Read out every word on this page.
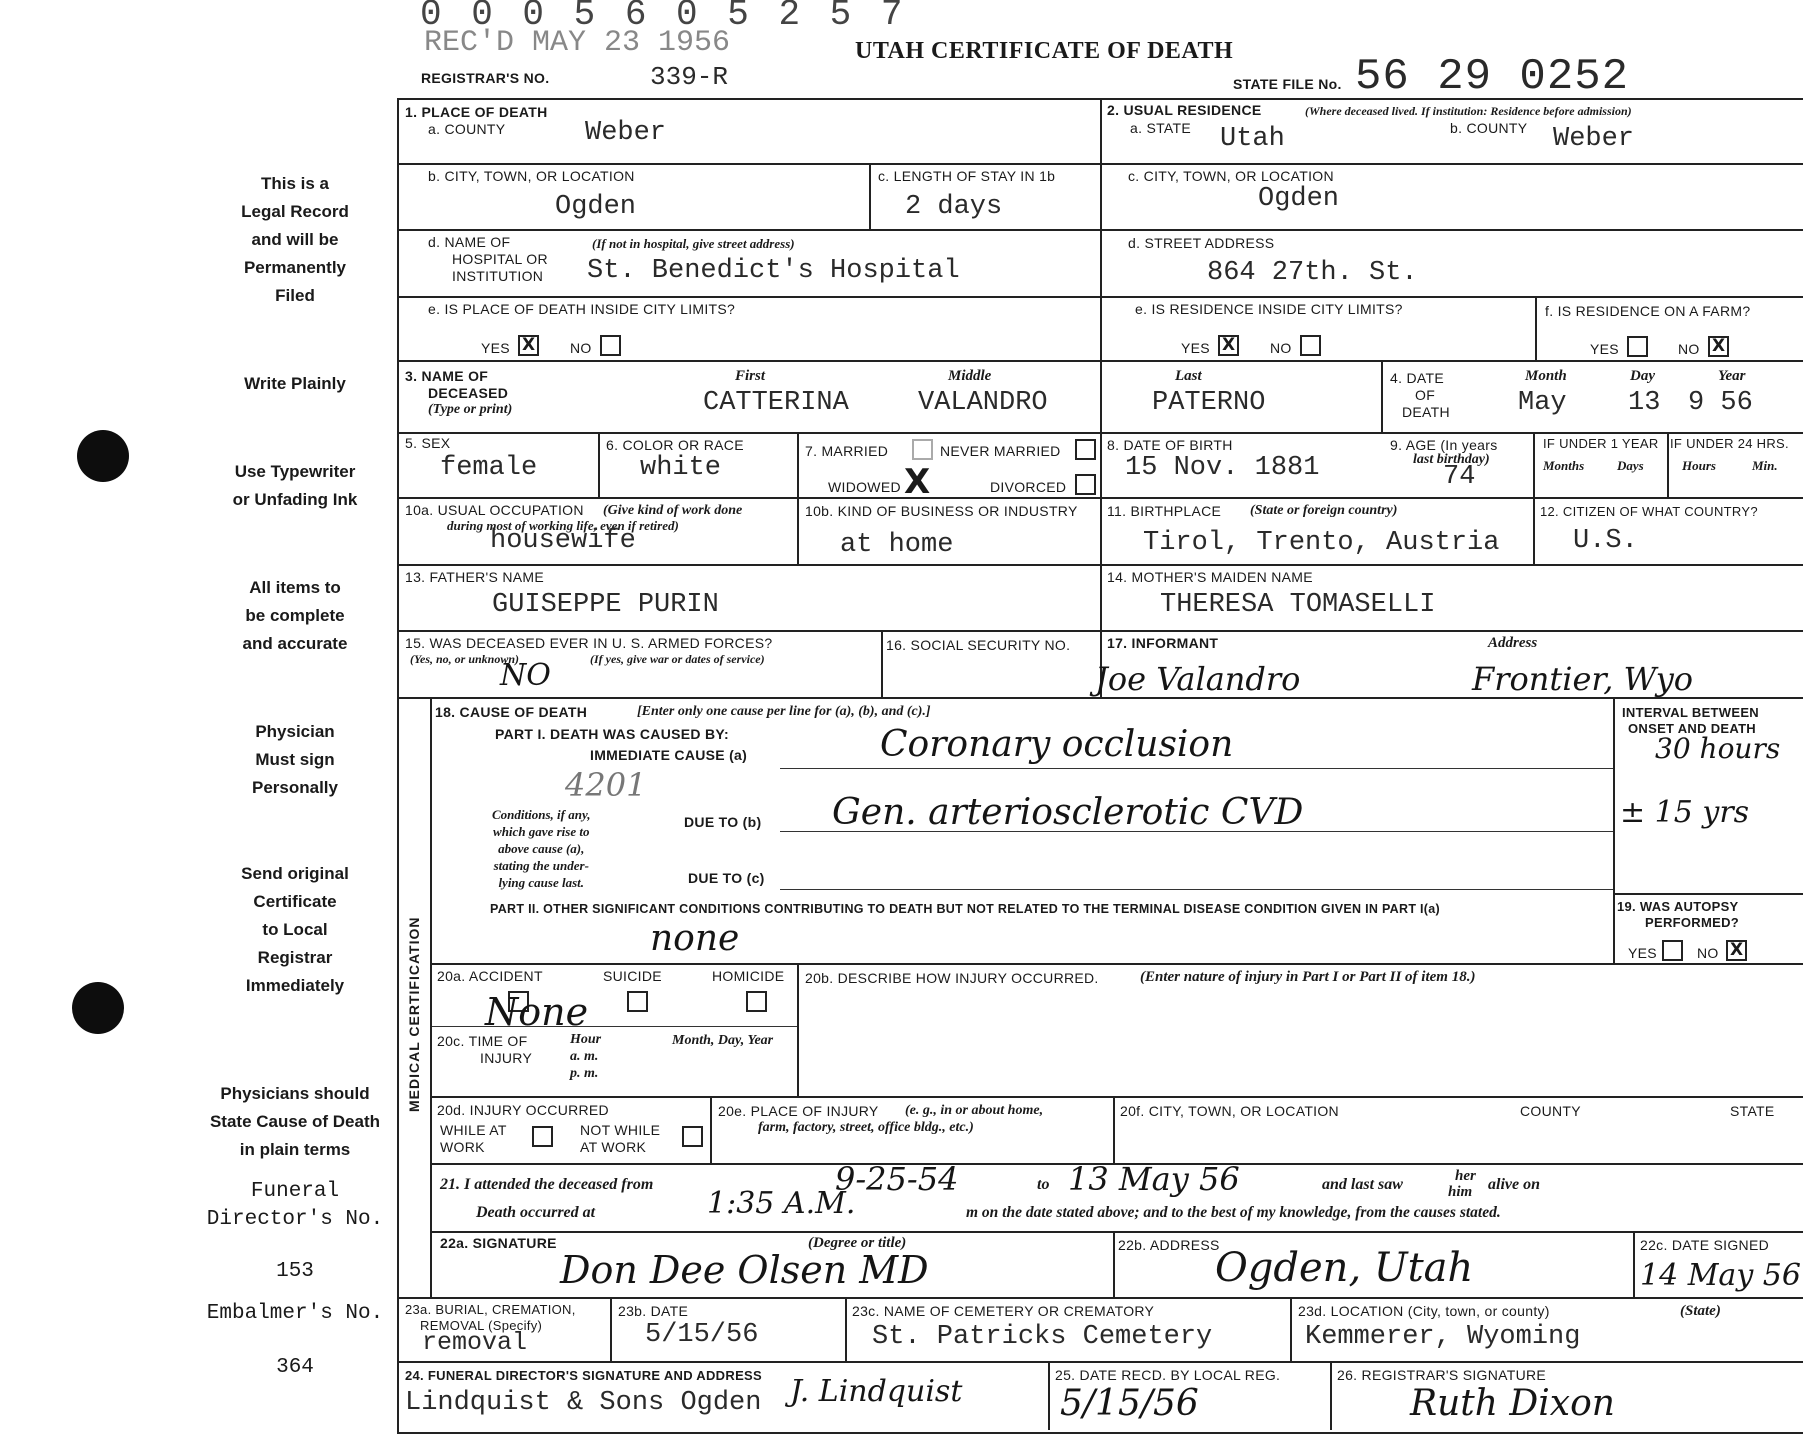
This is a
Legal Record
and will be
Permanently
Filed
Write Plainly
Use Typewriter
or Unfading Ink
All items to
be complete
and accurate
Physician
Must sign
Personally
Send original
Certificate
to Local
Registrar
Immediately
Physicians should
State Cause of Death
in plain terms
Funeral
Director's No.
153
Embalmer's No.
364
0 0 0 5 6 0 5 2 5 7
REC'D MAY 23 1956	UTAH CERTIFICATE OF DEATH
REGISTRAR'S NO.	339-R	STATE FILE No. 56 29 0252
1. PLACE OF DEATH
a. COUNTY	Weber
2. USUAL RESIDENCE	(Where deceased lived. If institution: Residence before admission)
a. STATE Utah	b. COUNTY Weber
b. CITY, TOWN, OR LOCATION
Ogden
c. LENGTH OF STAY IN 1b
2 days
c. CITY, TOWN, OR LOCATION
Ogden
d. NAME OF
HOSPITAL OR
INSTITUTION
(If not in hospital, give street address)
St. Benedict's Hospital
d. STREET ADDRESS
864 27th. St.
e. IS PLACE OF DEATH INSIDE CITY LIMITS?
YES X NO
e. IS RESIDENCE INSIDE CITY LIMITS?
YES X NO
f. IS RESIDENCE ON A FARM?
YES	NO X
3. NAME OF
DECEASED
(Type or print)
First	Middle	Last
CATTERINA	VALANDRO	PATERNO
4. DATE
OF
DEATH
Month	Day	Year
May 13 9 56
5. SEX
female
6. COLOR OR RACE
white
7. MARRIED	NEVER MARRIED
WIDOWED X	DIVORCED
8. DATE OF BIRTH
15 Nov. 1881
9. AGE (In years
last birthday)
74
IF UNDER 1 YEAR IF UNDER 24 HRS.
Months	Days	Hours	Min.
10a. USUAL OCCUPATION (Give kind of work done
during most of working life, even if retired)
housewife
10b. KIND OF BUSINESS OR INDUSTRY
at home
11. BIRTHPLACE (State or foreign country)
Tirol, Trento, Austria
12. CITIZEN OF WHAT COUNTRY?
U.S.
13. FATHER'S NAME
GUISEPPE PURIN
14. MOTHER'S MAIDEN NAME
THERESA TOMASELLI
15. WAS DECEASED EVER IN U. S. ARMED FORCES?
(Yes, no, or unknown)	(If yes, give war or dates of service)
NO
16. SOCIAL SECURITY NO.	17. INFORMANT	Address
Joe Valandro	Frontier, Wyo
MEDICAL CERTIFICATION
18. CAUSE OF DEATH	[Enter only one cause per line for (a), (b), and (c).]
PART I. DEATH WAS CAUSED BY:
IMMEDIATE CAUSE (a)	Coronary occlusion
4201
INTERVAL BETWEEN
ONSET AND DEATH
30 hours
Conditions, if any,
which gave rise to
above cause (a),
stating the under-
lying cause last.
DUE TO (b) Gen. arteriosclerotic CVD	± 15 yrs
DUE TO (c)
PART II. OTHER SIGNIFICANT CONDITIONS CONTRIBUTING TO DEATH BUT NOT RELATED TO THE TERMINAL DISEASE CONDITION GIVEN IN PART I(a)
none
19. WAS AUTOPSY
PERFORMED?
YES	NO X
20a. ACCIDENT	SUICIDE	HOMICIDE
None
20b. DESCRIBE HOW INJURY OCCURRED.	(Enter nature of injury in Part I or Part II of item 18.)
20c. TIME OF
INJURY
Hour
a. m.
p. m.
Month, Day, Year
20d. INJURY OCCURRED
WHILE AT
WORK
NOT WHILE
AT WORK
20e. PLACE OF INJURY (e. g., in or about home,
farm, factory, street, office bldg., etc.)
20f. CITY, TOWN, OR LOCATION	COUNTY	STATE
21. I attended the deceased from	9-25-54	to 13 May 56	and last saw	her
him alive on
Death occurred at	1:35 A.M.	m on the date stated above; and to the best of my knowledge, from the causes stated.
22a. SIGNATURE	(Degree or title)
Don Dee Olsen MD
22b. ADDRESS
Ogden, Utah	22c. DATE SIGNED
14 May 56
23a. BURIAL, CREMATION,
REMOVAL (Specify)
removal
23b. DATE
5/15/56
23c. NAME OF CEMETERY OR CREMATORY
St. Patricks Cemetery
23d. LOCATION (City, town, or county)	(State)
Kemmerer, Wyoming
24. FUNERAL DIRECTOR'S SIGNATURE AND ADDRESS
Lindquist & Sons Ogden J. Lindquist	25. DATE RECD. BY LOCAL REG.
5/15/56
26. REGISTRAR'S SIGNATURE
Ruth Dixon
